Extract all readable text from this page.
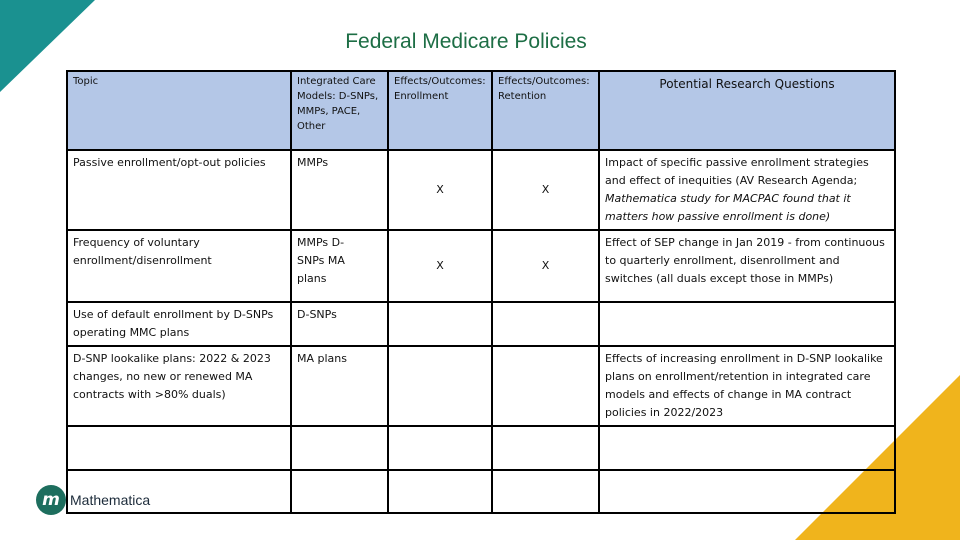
Federal Medicare Policies
Topic	Integrated Care Models: D-SNPs, MMPs, PACE, Other	Effects/Outcomes: Enrollment	Effects/Outcomes: Retention	Potential Research Questions
Passive enrollment/opt-out policies	MMPs	X	X	Impact of specific passive enrollment strategies and effect of inequities (AV Research Agenda; Mathematica study for MACPAC found that it matters how passive enrollment is done)
Frequency of voluntary enrollment/disenrollment	MMPs D-SNPs MA plans	X	X	Effect of SEP change in Jan 2019 - from continuous to quarterly enrollment, disenrollment and switches (all duals except those in MMPs)
Use of default enrollment by D-SNPs operating MMC plans	D-SNPs			
D-SNP lookalike plans: 2022 & 2023 changes, no new or renewed MA contracts with >80% duals)	MA plans			Effects of increasing enrollment in D-SNP lookalike plans on enrollment/retention in integrated care models and effects of change in MA contract policies in 2022/2023

m Mathematica
